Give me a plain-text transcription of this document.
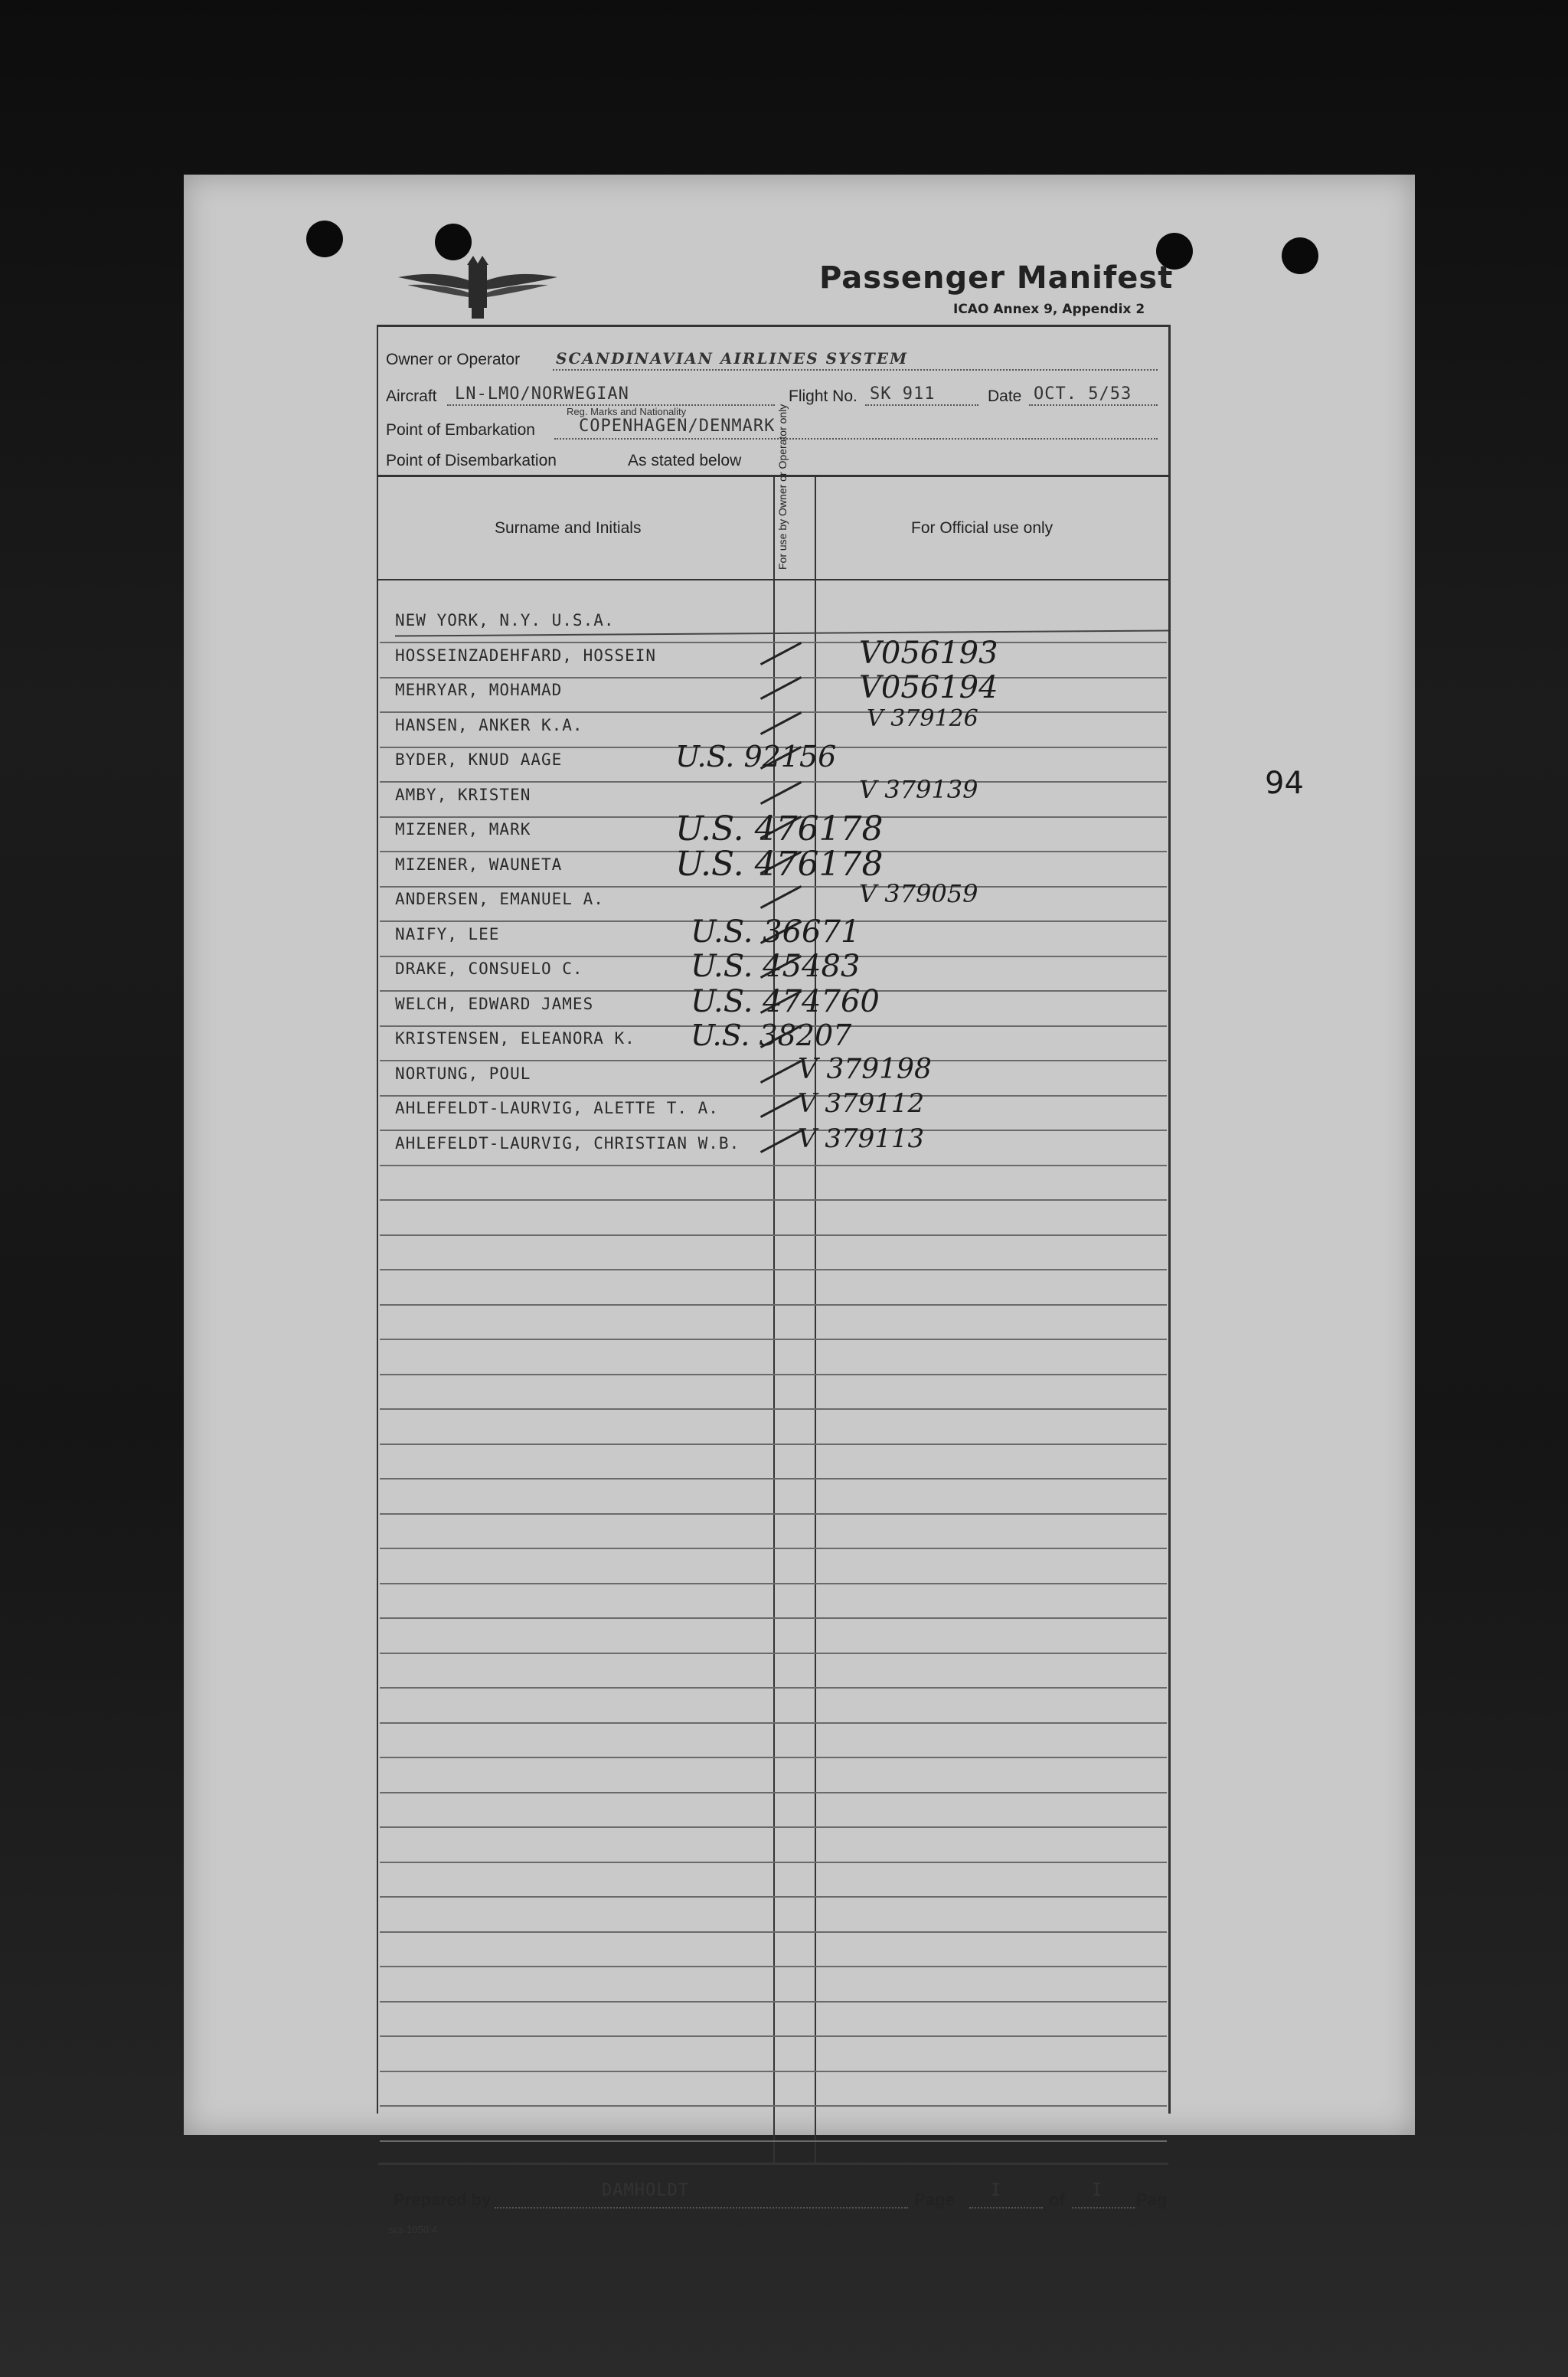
Passenger Manifest
ICAO Annex 9, Appendix 2
Owner or Operator SCANDINAVIAN AIRLINES SYSTEM
Aircraft LN-LMO/NORWEGIAN
Reg. Marks and Nationality
Flight No. SK 911	Date OCT. 5/53
Point of Embarkation	COPENHAGEN/DENMARK
Point of Disembarkation	As stated below
Surname and Initials	For use by Owner or Operator only	For Official use only
NEW YORK, N.Y. U.S.A.
HOSSEINZADEHFARD, HOSSEIN	V056193
MEHRYAR, MOHAMAD	V056194
HANSEN, ANKER K.A.	V 379126
BYDER, KNUD AAGE	U.S. 92156
AMBY, KRISTEN	V 379139
MIZENER, MARK	U.S. 476178
MIZENER, WAUNETA	U.S. 476178
ANDERSEN, EMANUEL A.	V 379059
NAIFY, LEE	U.S. 36671
DRAKE, CONSUELO C.	U.S. 45483
WELCH, EDWARD JAMES	U.S. 474760
KRISTENSEN, ELEANORA K. U.S. 38207
NORTUNG, POUL	V 379198
AHLEFELDT-LAURVIG, ALETTE T. A.	V 379112
AHLEFELDT-LAURVIG, CHRISTIAN W.B. V 379113
Prepared by	DAMHOLDT	Page I	of I Pag
scs 1050:4
94
